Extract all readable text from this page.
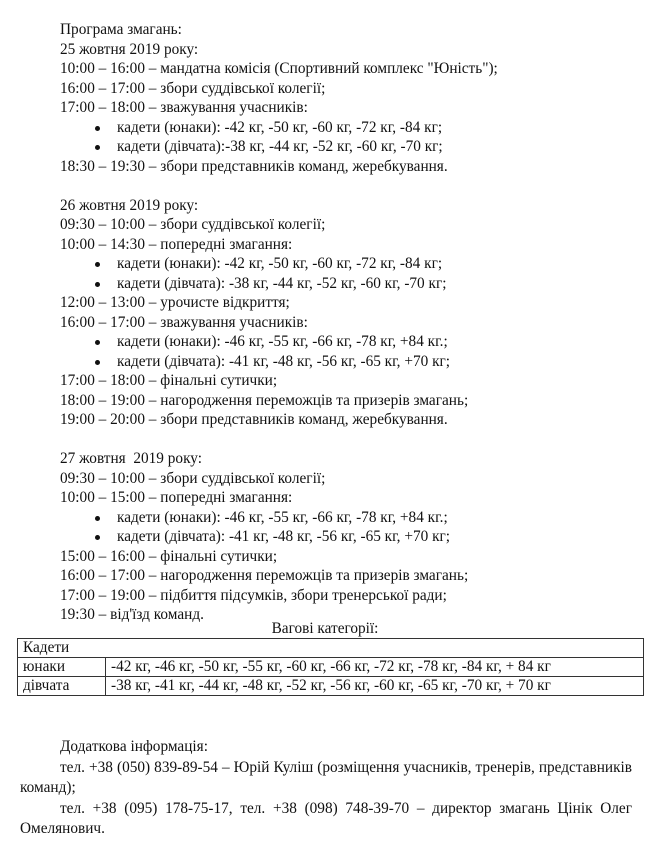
Програма змагань:
25 жовтня 2019 року:
10:00 – 16:00 – мандатна комісія (Спортивний комплекс "Юність");
16:00 – 17:00 – збори суддівської колегії;
17:00 – 18:00 – зважування учасників:
кадети (юнаки): -42 кг, -50 кг, -60 кг, -72 кг, -84 кг;
кадети (дівчата):-38 кг, -44 кг, -52 кг, -60 кг, -70 кг;
18:30 – 19:30 – збори представників команд, жеребкування.
26 жовтня 2019 року:
09:30 – 10:00 – збори суддівської колегії;
10:00 – 14:30 – попередні змагання:
кадети (юнаки): -42 кг, -50 кг, -60 кг, -72 кг, -84 кг;
кадети (дівчата): -38 кг, -44 кг, -52 кг, -60 кг, -70 кг;
12:00 – 13:00 – урочисте відкриття;
16:00 – 17:00 – зважування учасників:
кадети (юнаки): -46 кг, -55 кг, -66 кг, -78 кг, +84 кг.;
кадети (дівчата): -41 кг, -48 кг, -56 кг, -65 кг, +70 кг;
17:00 – 18:00 – фінальні сутички;
18:00 – 19:00 – нагородження переможців та призерів змагань;
19:00 – 20:00 – збори представників команд, жеребкування.
27 жовтня  2019 року:
09:30 – 10:00 – збори суддівської колегії;
10:00 – 15:00 – попередні змагання:
кадети (юнаки): -46 кг, -55 кг, -66 кг, -78 кг, +84 кг.;
кадети (дівчата): -41 кг, -48 кг, -56 кг, -65 кг, +70 кг;
15:00 – 16:00 – фінальні сутички;
16:00 – 17:00 – нагородження переможців та призерів змагань;
17:00 – 19:00 – підбиття підсумків, збори тренерської ради;
19:30 – від'їзд команд.
Вагові категорії:
Кадети	
юнаки	-42 кг, -46 кг, -50 кг, -55 кг, -60 кг, -66 кг, -72 кг, -78 кг, -84 кг, + 84 кг
дівчата	-38 кг, -41 кг, -44 кг, -48 кг, -52 кг, -56 кг, -60 кг, -65 кг, -70 кг, + 70 кг
Додаткова інформація:
тел. +38 (050) 839-89-54 – Юрій Куліш (розміщення учасників, тренерів, представників команд);
тел. +38 (095) 178-75-17, тел. +38 (098) 748-39-70 – директор змагань Цінік Олег Омелянович.
